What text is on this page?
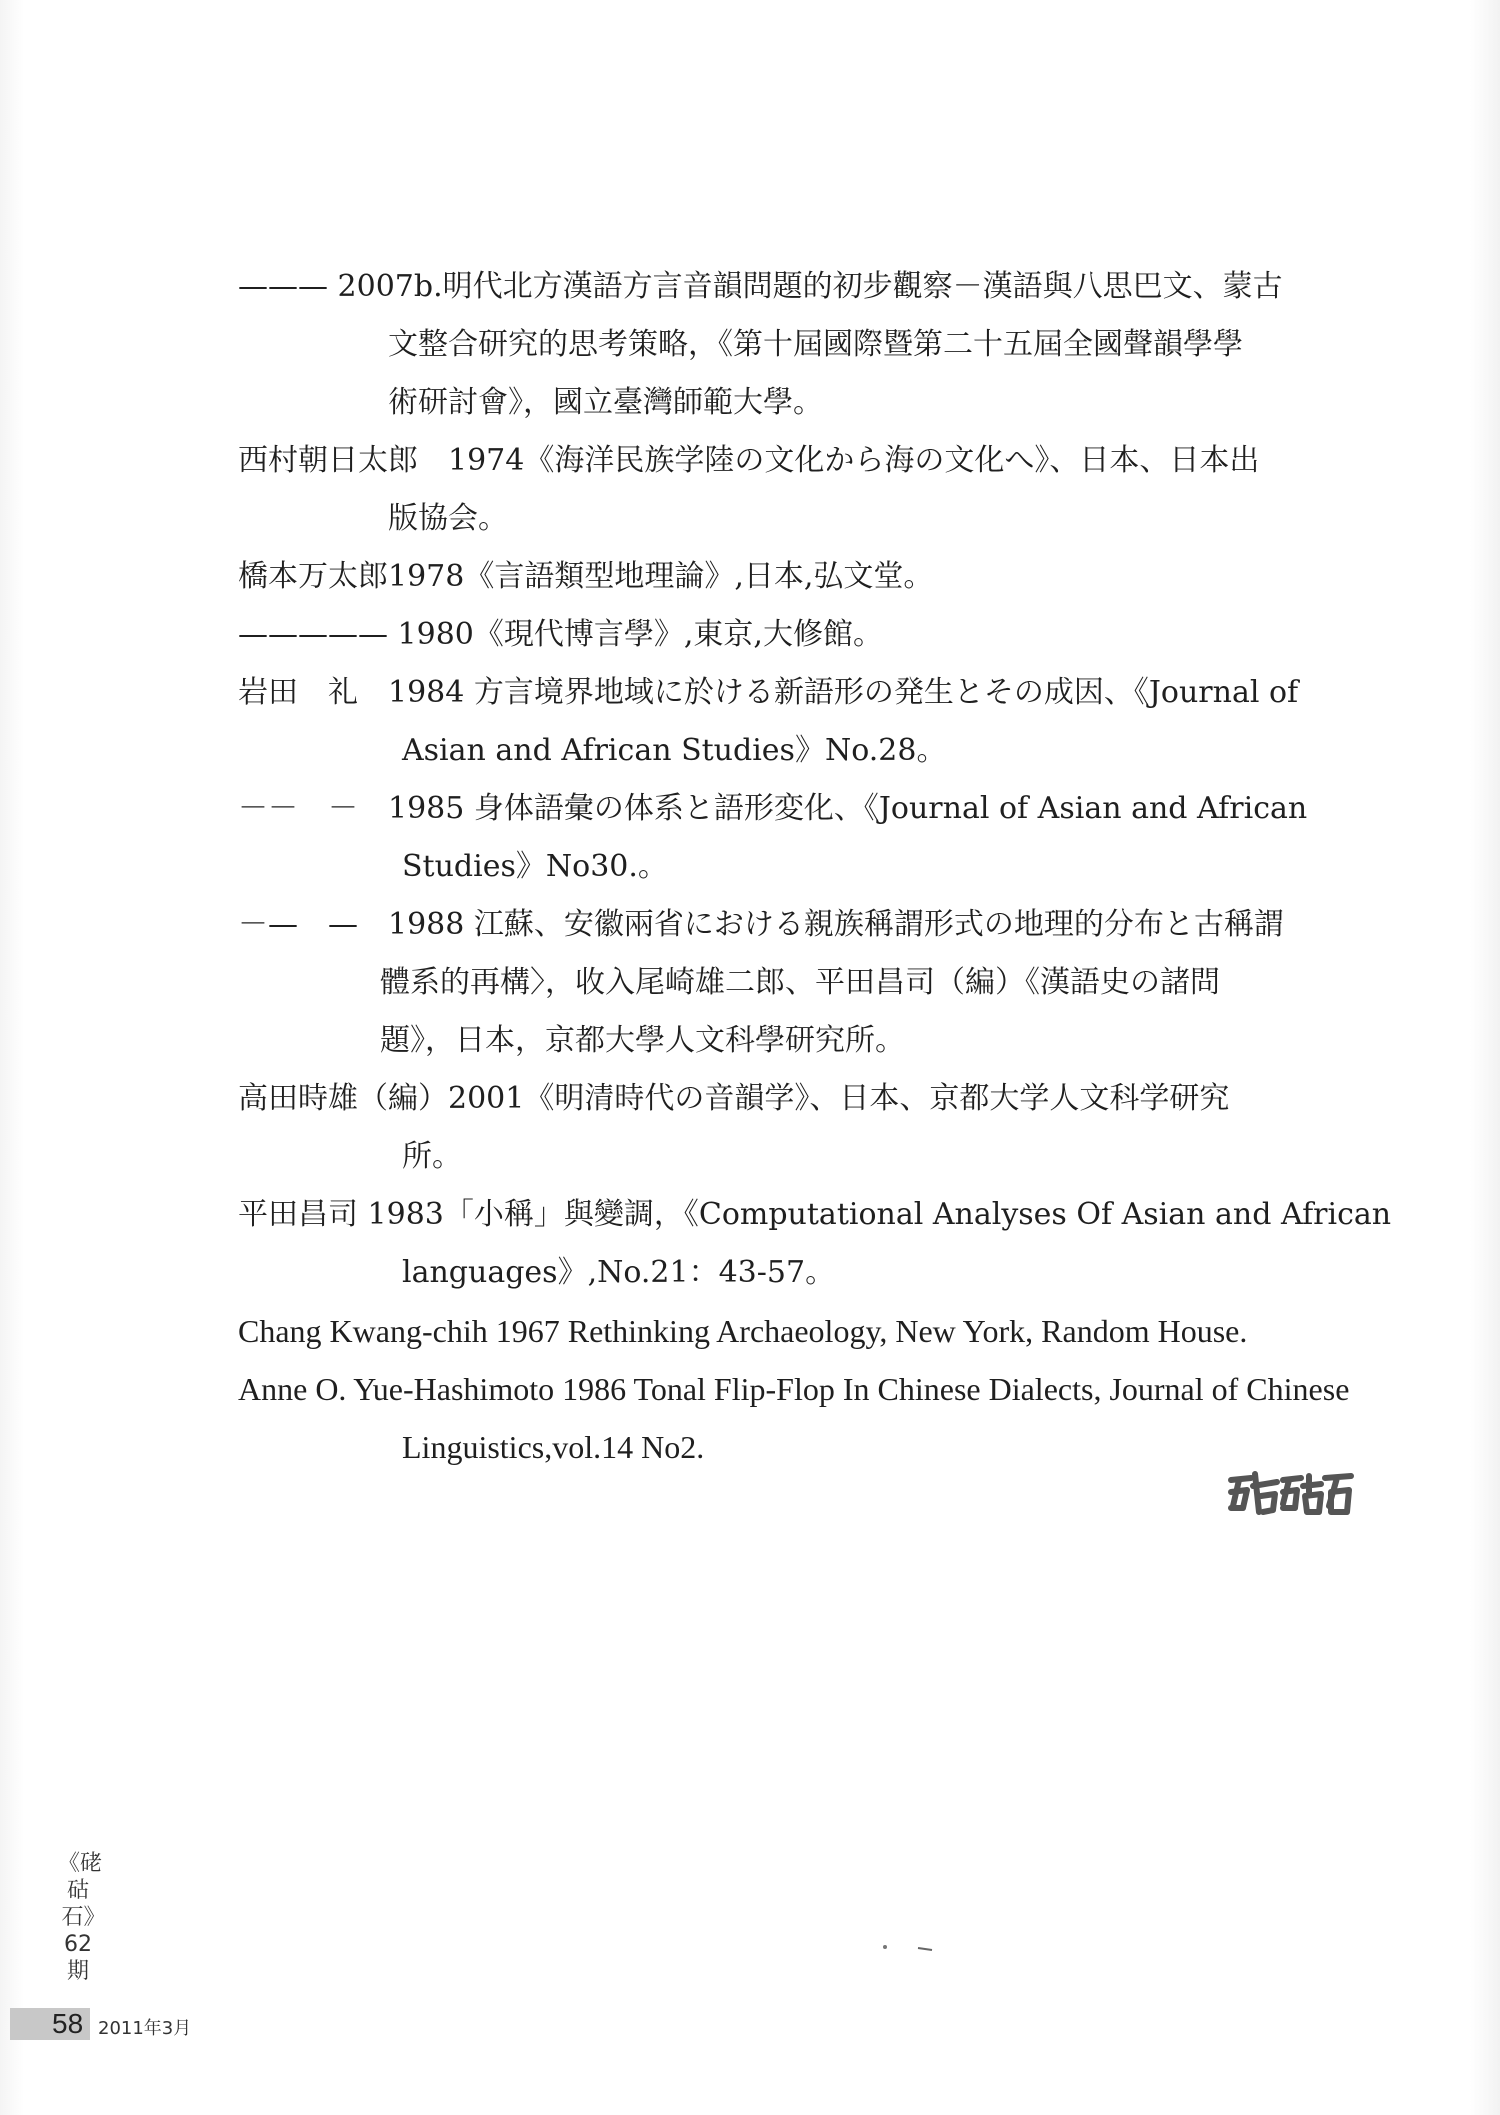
——— 2007b.明代北方漢語方言音韻問題的初步觀察－漢語與八思巴文、蒙古
文整合研究的思考策略，《第十屆國際暨第二十五屆全國聲韻學學
術研討會》，國立臺灣師範大學。
西村朝日太郎　1974《海洋民族学陸の文化から海の文化へ》、日本、日本出
版協会。
橋本万太郎1978《言語類型地理論》,日本,弘文堂。
————— 1980《現代博言學》,東京,大修館。
岩田　礼　1984 方言境界地域に於ける新語形の発生とその成因、《Journal of
Asian and African Studies》No.28。
－－　－　1985 身体語彙の体系と語形変化、《Journal of Asian and African
Studies》No30.。
－—　—　1988 江蘇、安徽兩省における親族稱謂形式の地理的分布と古稱謂
體系的再構〉，收入尾崎雄二郎、平田昌司（編）《漢語史の諸問
題》，日本，京都大學人文科學研究所。
高田時雄（編）2001《明清時代の音韻学》、日本、京都大学人文科学研究
所。
平田昌司 1983「小稱」與變調，《Computational Analyses Of Asian and African
languages》,No.21：43-57。
Chang Kwang-chih 1967 Rethinking Archaeology, New York, Random House.
Anne O. Yue-Hashimoto 1986 Tonal Flip-Flop In Chinese Dialects, Journal of Chinese
Linguistics,vol.14 No2.
《硓𥑮石》62期
58 2011年3月
